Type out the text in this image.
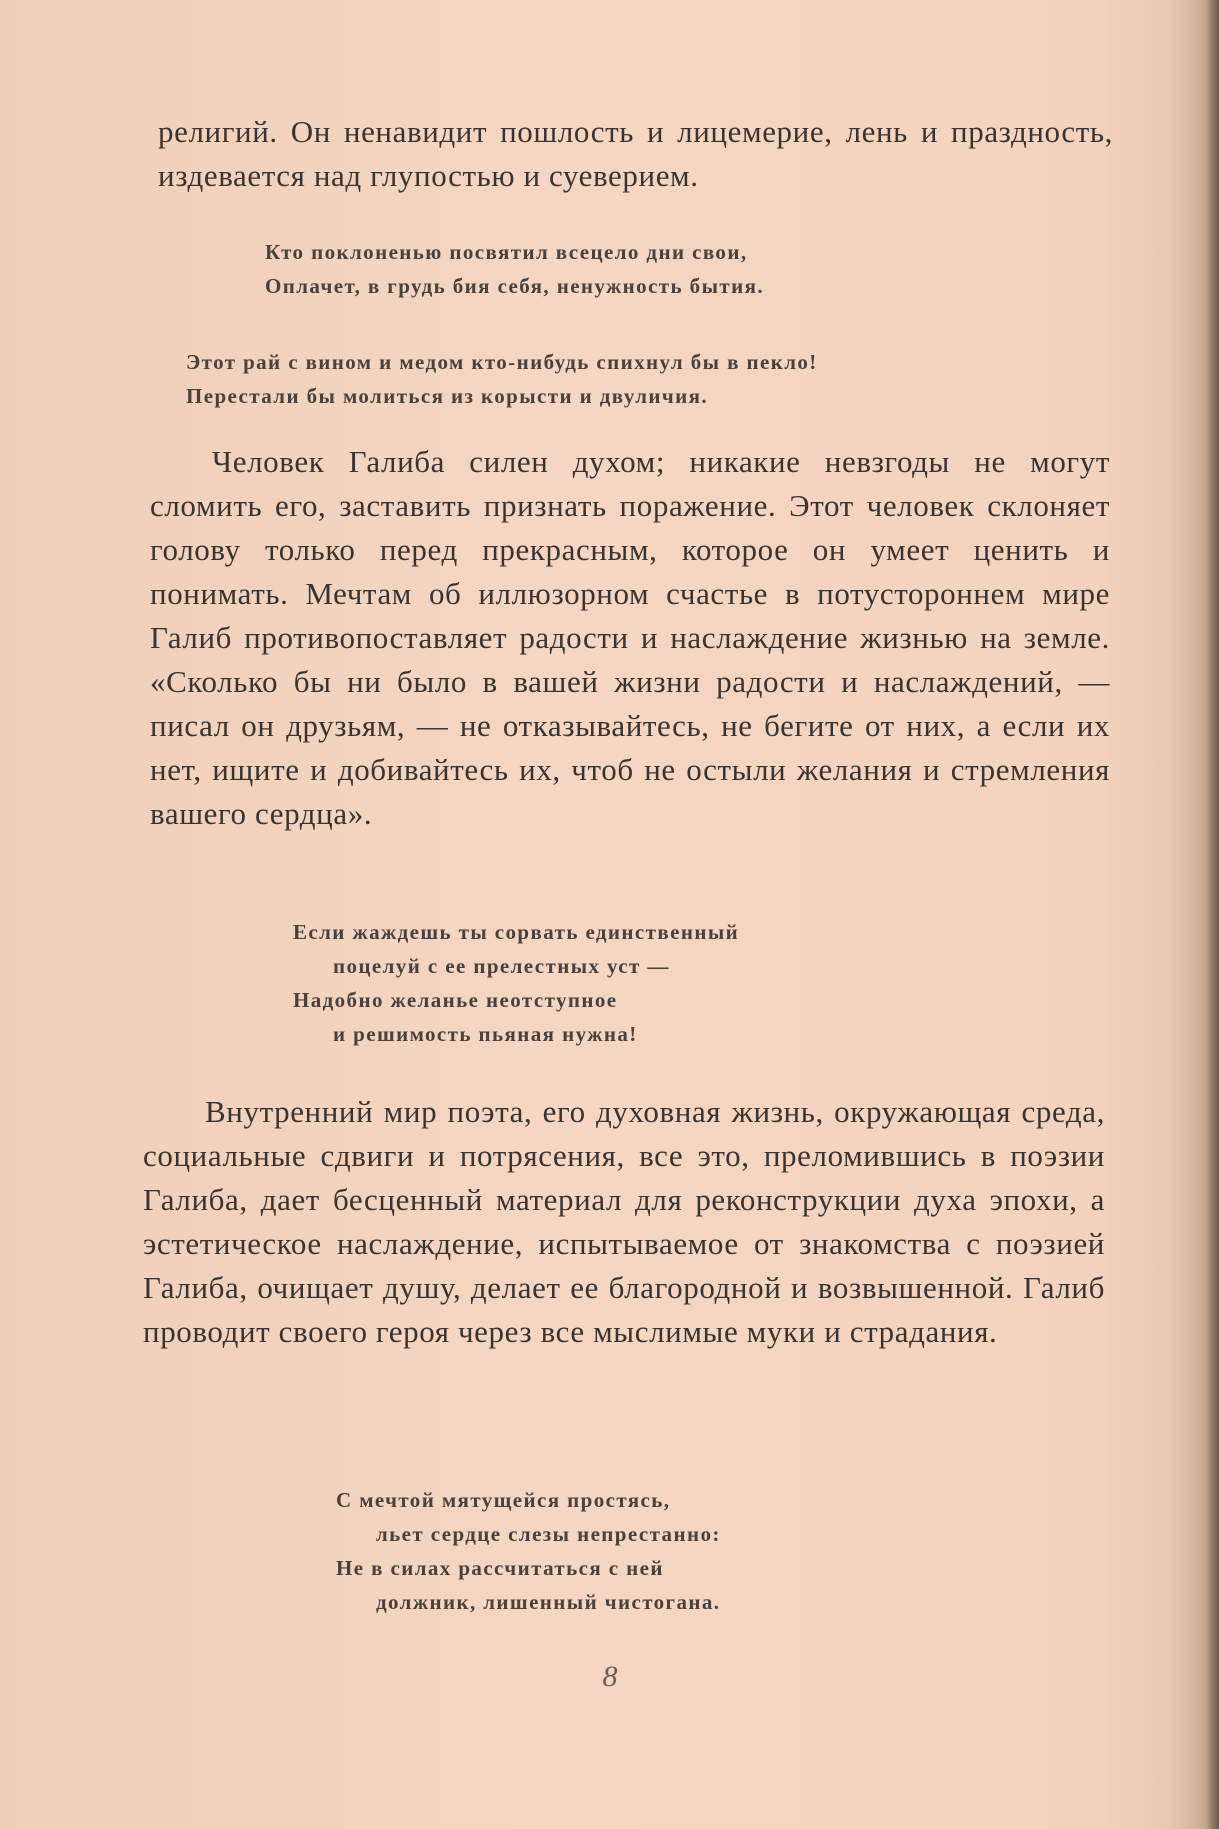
религий. Он ненавидит пошлость и лицемерие, лень и праздность, издевается над глупостью и суеверием.

Кто поклоненью посвятил всецело дни свои,
Оплачет, в грудь бия себя, ненужность бытия.
Этот рай с вином и медом кто-нибудь спихнул бы в пекло!
Перестали бы молиться из корысти и двуличия.

Человек Галиба силен духом; никакие невзгоды не могут сломить его, заставить признать поражение. Этот человек склоняет голову только перед прекрасным, которое он умеет ценить и понимать. Мечтам об иллюзорном счастье в потустороннем мире Галиб противопоставляет радости и наслаждение жизнью на земле. «Сколько бы ни было в вашей жизни радости и наслаждений, — писал он друзьям, — не отказывайтесь, не бегите от них, а если их нет, ищите и добивайтесь их, чтоб не остыли желания и стремления вашего сердца».

Если жаждешь ты сорвать единственный
поцелуй с ее прелестных уст —
Надобно желанье неотступное
и решимость пьяная нужна!

Внутренний мир поэта, его духовная жизнь, окружающая среда, социальные сдвиги и потрясения, все это, преломившись в поэзии Галиба, дает бесценный материал для реконструкции духа эпохи, а эстетическое наслаждение, испытываемое от знакомства с поэзией Галиба, очищает душу, делает ее благородной и возвышенной. Галиб проводит своего героя через все мыслимые муки и страдания.

С мечтой мятущейся простясь,
льет сердце слезы непрестанно:
Не в силах рассчитаться с ней
должник, лишенный чистогана.

8
